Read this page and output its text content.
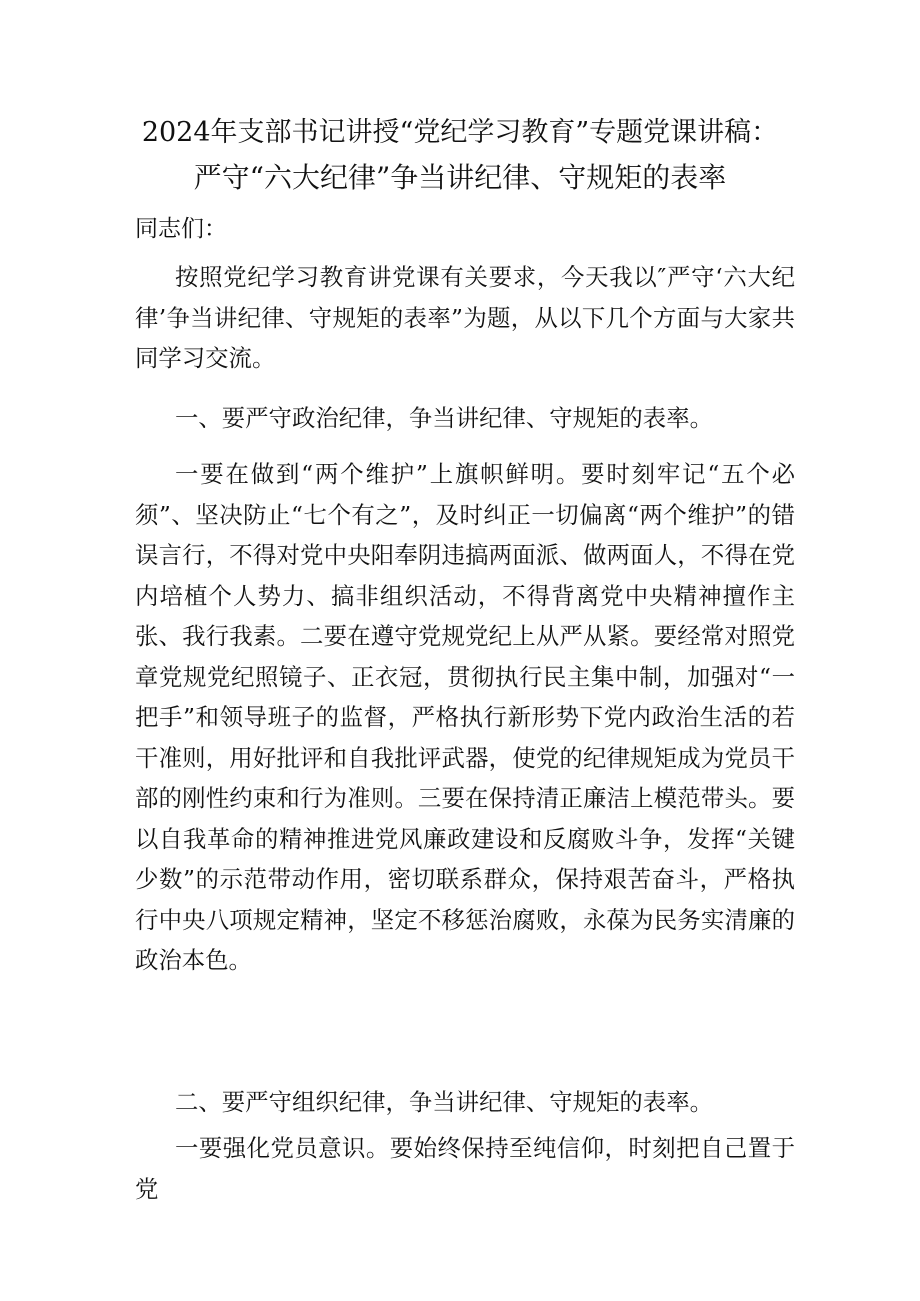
2024年支部书记讲授“党纪学习教育”专题党课讲稿：
严守“六大纪律”争当讲纪律、守规矩的表率
同志们：
按照党纪学习教育讲党课有关要求，今天我以″严守‘六大纪律’争当讲纪律、守规矩的表率”为题，从以下几个方面与大家共同学习交流。
一、要严守政治纪律，争当讲纪律、守规矩的表率。
一要在做到“两个维护”上旗帜鲜明。要时刻牢记“五个必须”、坚决防止“七个有之”，及时纠正一切偏离“两个维护”的错误言行，不得对党中央阳奉阴违搞两面派、做两面人，不得在党内培植个人势力、搞非组织活动，不得背离党中央精神擅作主张、我行我素。二要在遵守党规党纪上从严从紧。要经常对照党章党规党纪照镜子、正衣冠，贯彻执行民主集中制，加强对“一把手”和领导班子的监督，严格执行新形势下党内政治生活的若干准则，用好批评和自我批评武器，使党的纪律规矩成为党员干部的刚性约束和行为准则。三要在保持清正廉洁上模范带头。要以自我革命的精神推进党风廉政建设和反腐败斗争，发挥“关键少数”的示范带动作用，密切联系群众，保持艰苦奋斗，严格执行中央八项规定精神，坚定不移惩治腐败，永葆为民务实清廉的政治本色。
二、要严守组织纪律，争当讲纪律、守规矩的表率。
一要强化党员意识。要始终保持至纯信仰，时刻把自己置于党
